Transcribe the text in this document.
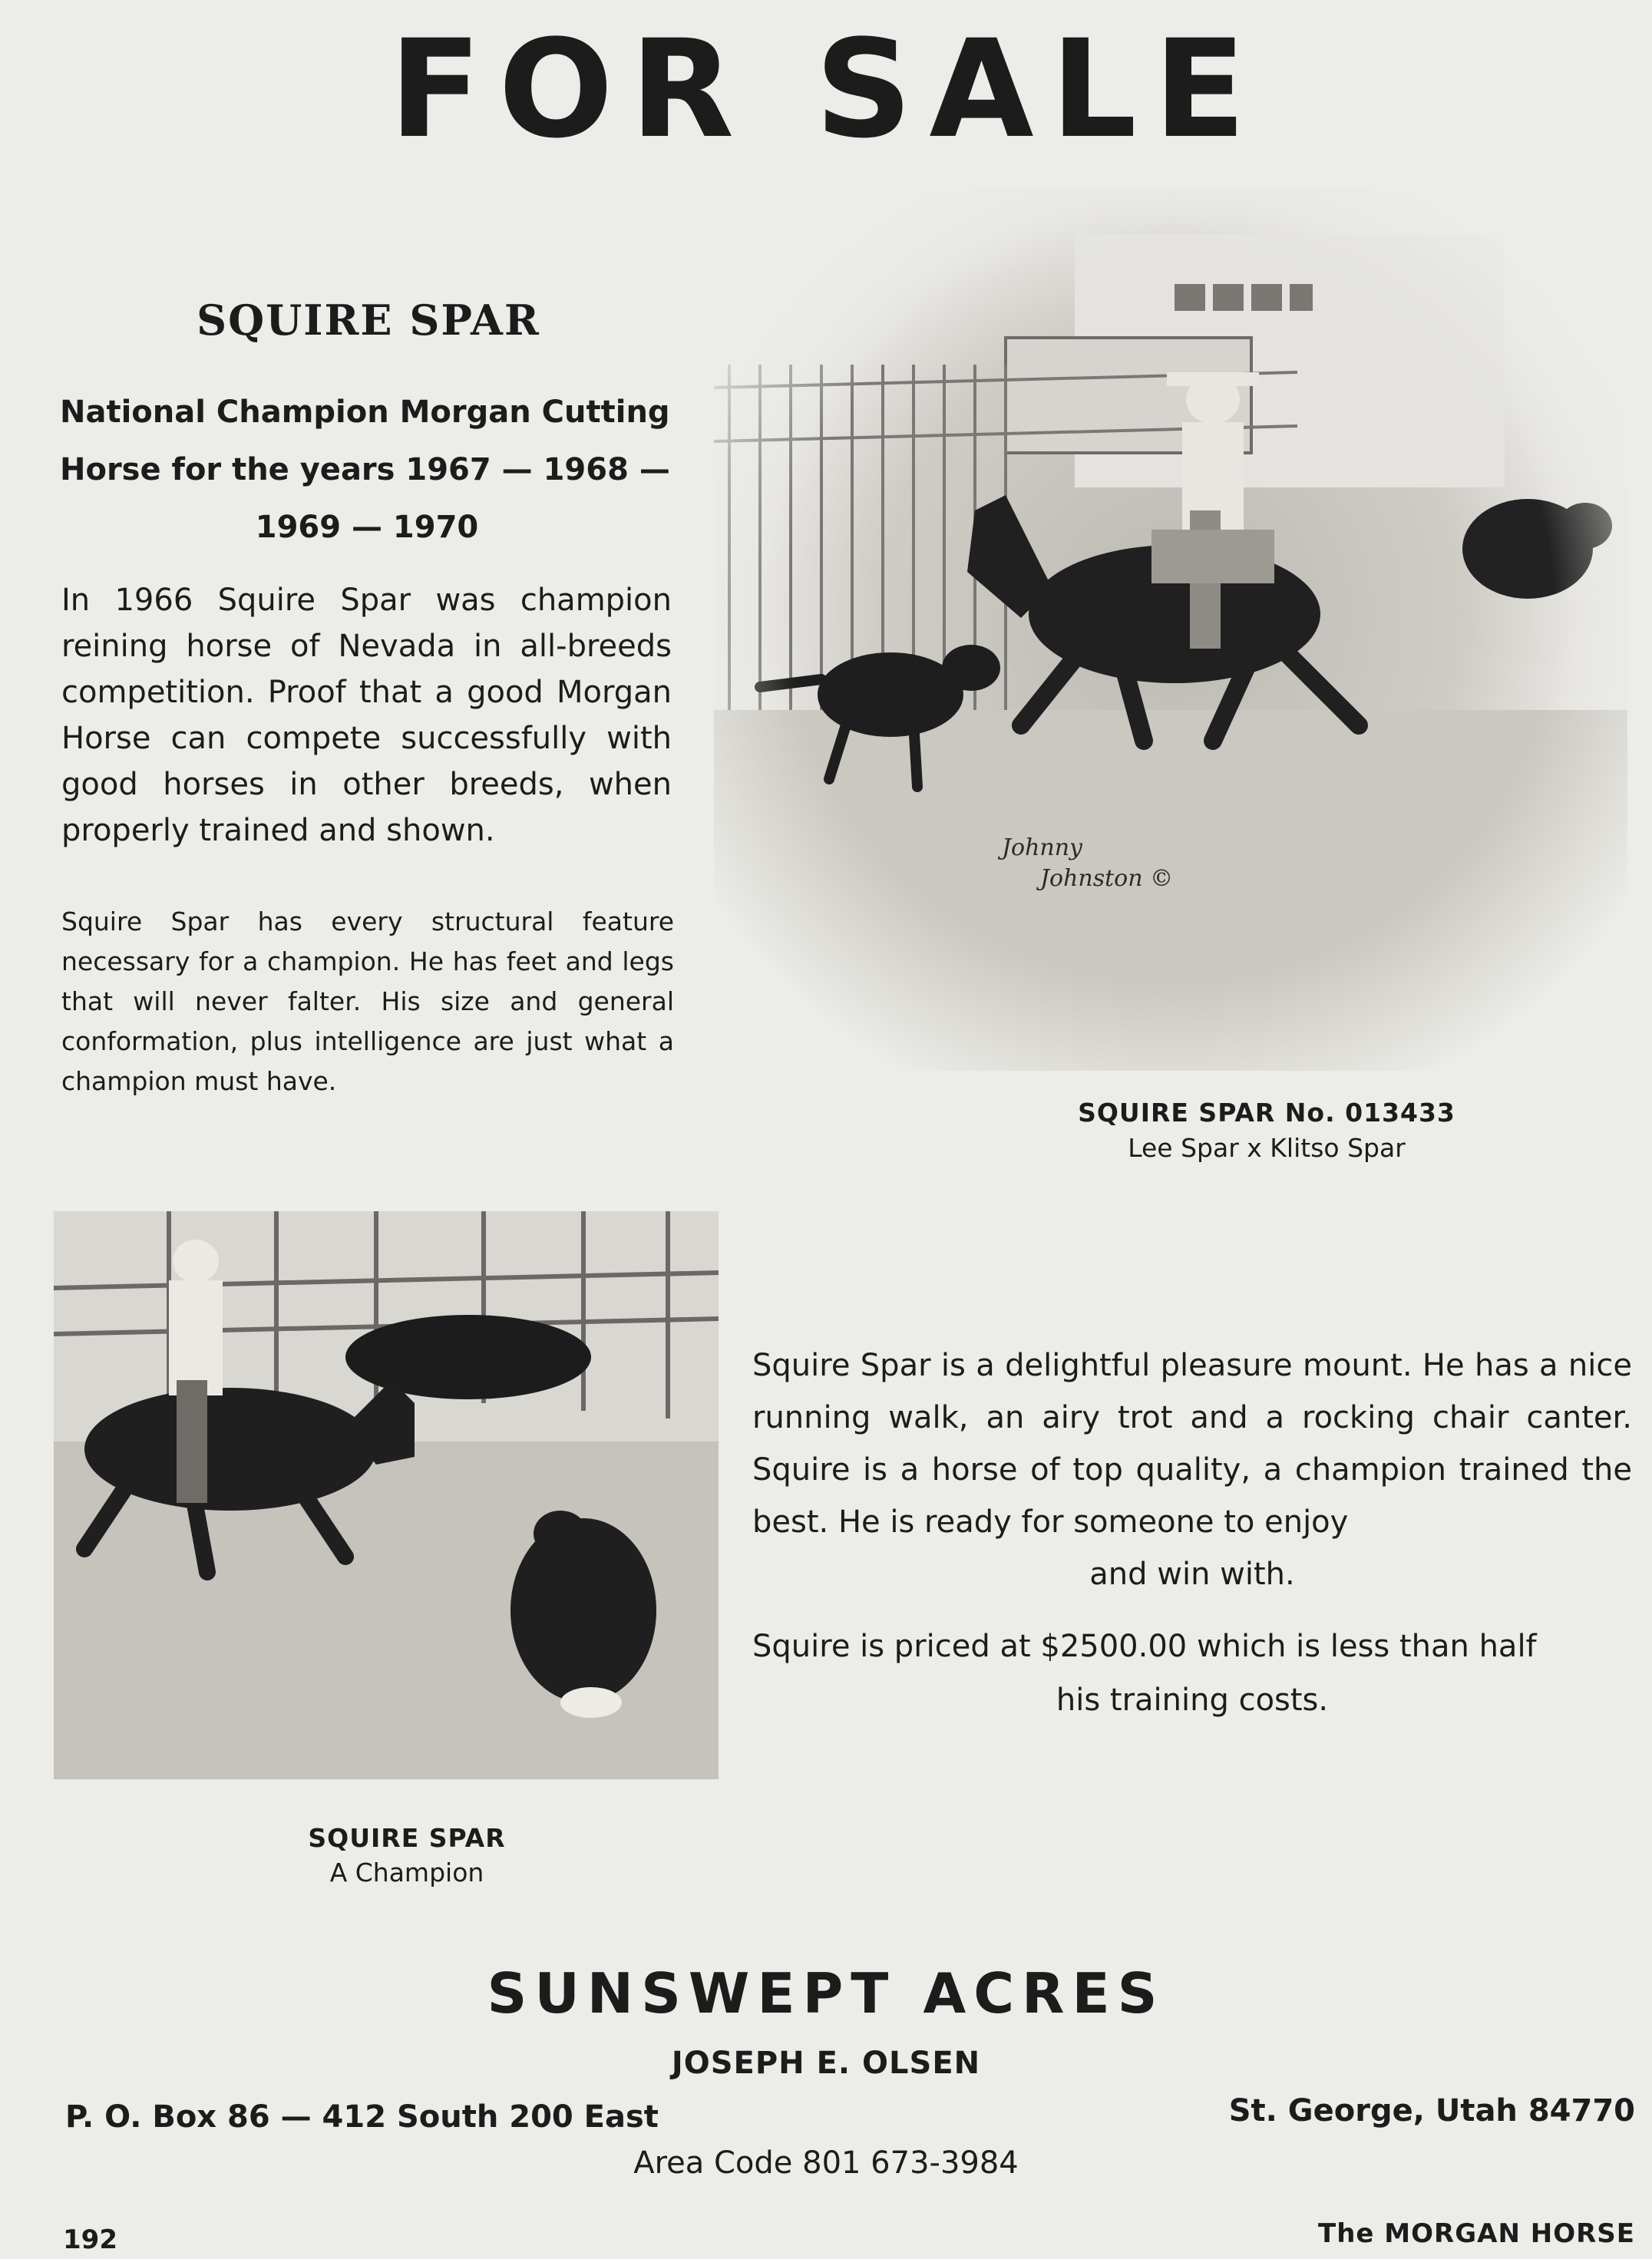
FOR SALE
SQUIRE SPAR
National Champion Morgan Cutting
Horse for the years 1967 — 1968 —
1969 — 1970
In 1966 Squire Spar was champion reining horse of Nevada in all-breeds competition. Proof that a good Morgan Horse can compete successfully with good horses in other breeds, when properly trained and shown.
Squire Spar has every structural feature necessary for a champion. He has feet and legs that will never falter. His size and general conformation, plus intelligence are just what a champion must have.
Johnny
Johnston ©
SQUIRE SPAR No. 013433
Lee Spar x Klitso Spar
SQUIRE SPAR
A Champion
Squire Spar is a delightful pleasure mount. He has a nice running walk, an airy trot and a rocking chair canter. Squire is a horse of top quality, a champion trained the best. He is ready for someone to enjoy
and win with.
Squire is priced at $2500.00 which is less than half
his training costs.
SUNSWEPT ACRES
JOSEPH E. OLSEN
P. O. Box 86 — 412 South 200 East	St. George, Utah 84770
Area Code 801 673-3984
192	The MORGAN HORSE
